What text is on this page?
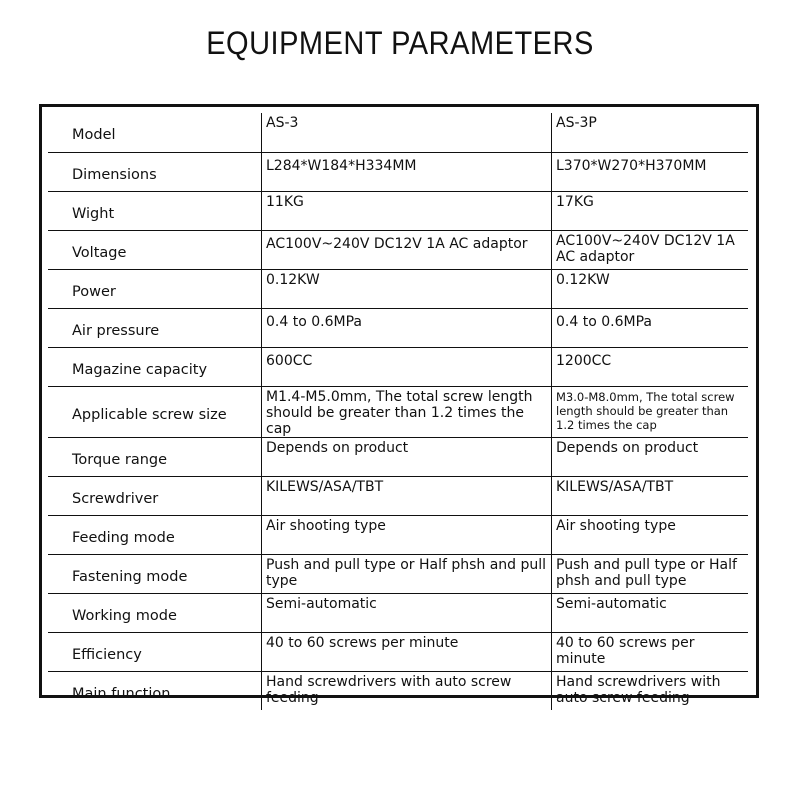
EQUIPMENT PARAMETERS
Model	AS-3	AS-3P
Dimensions	L284*W184*H334MM	L370*W270*H370MM
Wight	11KG	17KG
Voltage	AC100V~240V DC12V 1A AC adaptor	AC100V~240V DC12V 1A AC adaptor
Power	0.12KW	0.12KW
Air pressure	0.4 to 0.6MPa	0.4 to 0.6MPa
Magazine capacity	600CC	1200CC
Applicable screw size	M1.4-M5.0mm, The total screw length should be greater than 1.2 times the cap	M3.0-M8.0mm, The total screw length should be greater than 1.2 times the cap
Torque range	Depends on product	Depends on product
Screwdriver	KILEWS/ASA/TBT	KILEWS/ASA/TBT
Feeding mode	Air shooting type	Air shooting type
Fastening mode	Push and pull type or Half phsh and pull type	Push and pull type or Half phsh and pull type
Working mode	Semi-automatic	Semi-automatic
Efficiency	40 to 60 screws per minute	40 to 60 screws per minute
Main function	Hand screwdrivers with auto screw feeding	Hand screwdrivers with auto screw feeding
